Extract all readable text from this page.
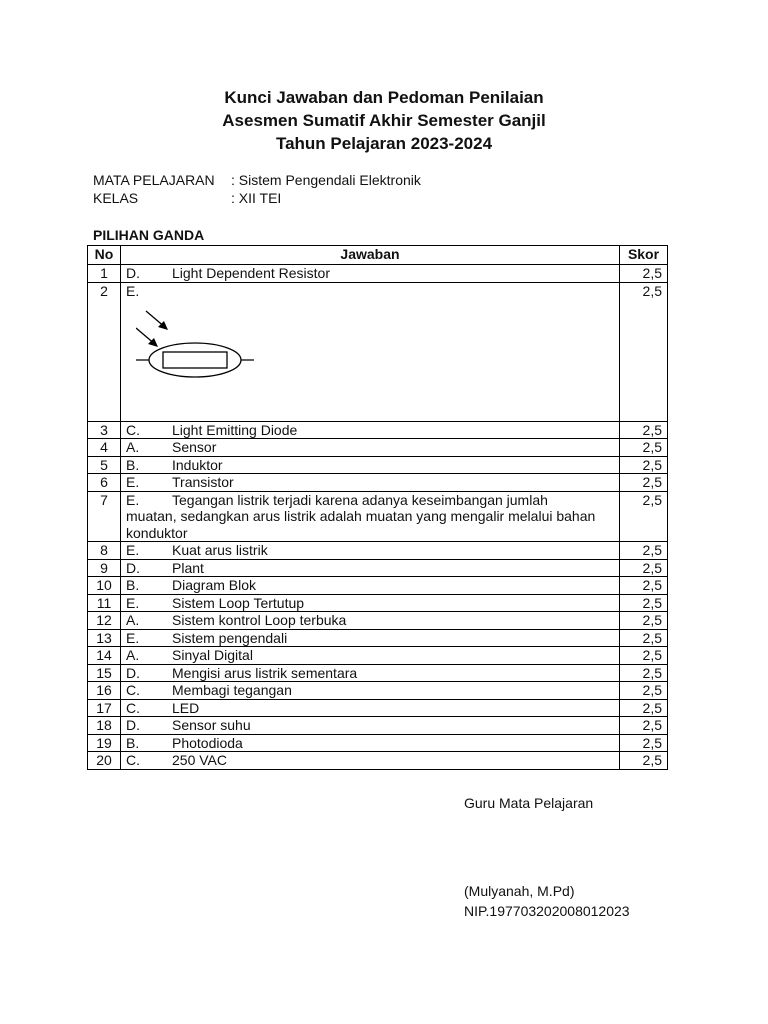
Kunci Jawaban dan Pedoman Penilaian
Asesmen Sumatif Akhir Semester Ganjil
Tahun Pelajaran 2023-2024
MATA PELAJARAN : Sistem Pengendali Elektronik
KELAS	: XII TEI
PILIHAN GANDA
No	Jawaban	Skor
1	D. Light Dependent Resistor	2,5
2	E.	2,5
3	C. Light Emitting Diode	2,5
4	A. Sensor	2,5
5	B. Induktor	2,5
6	E. Transistor	2,5
7	E. Tegangan listrik terjadi karena adanya keseimbangan jumlah
muatan, sedangkan arus listrik adalah muatan yang mengalir melalui bahan konduktor	2,5
8	E. Kuat arus listrik	2,5
9	D. Plant	2,5
10	B. Diagram Blok	2,5
11	E. Sistem Loop Tertutup	2,5
12	A. Sistem kontrol Loop terbuka	2,5
13	E. Sistem pengendali	2,5
14	A. Sinyal Digital	2,5
15	D. Mengisi arus listrik sementara	2,5
16	C. Membagi tegangan	2,5
17	C. LED	2,5
18	D. Sensor suhu	2,5
19	B. Photodioda	2,5
20	C. 250 VAC	2,5
Guru Mata Pelajaran
(Mulyanah, M.Pd)
NIP.197703202008012023
